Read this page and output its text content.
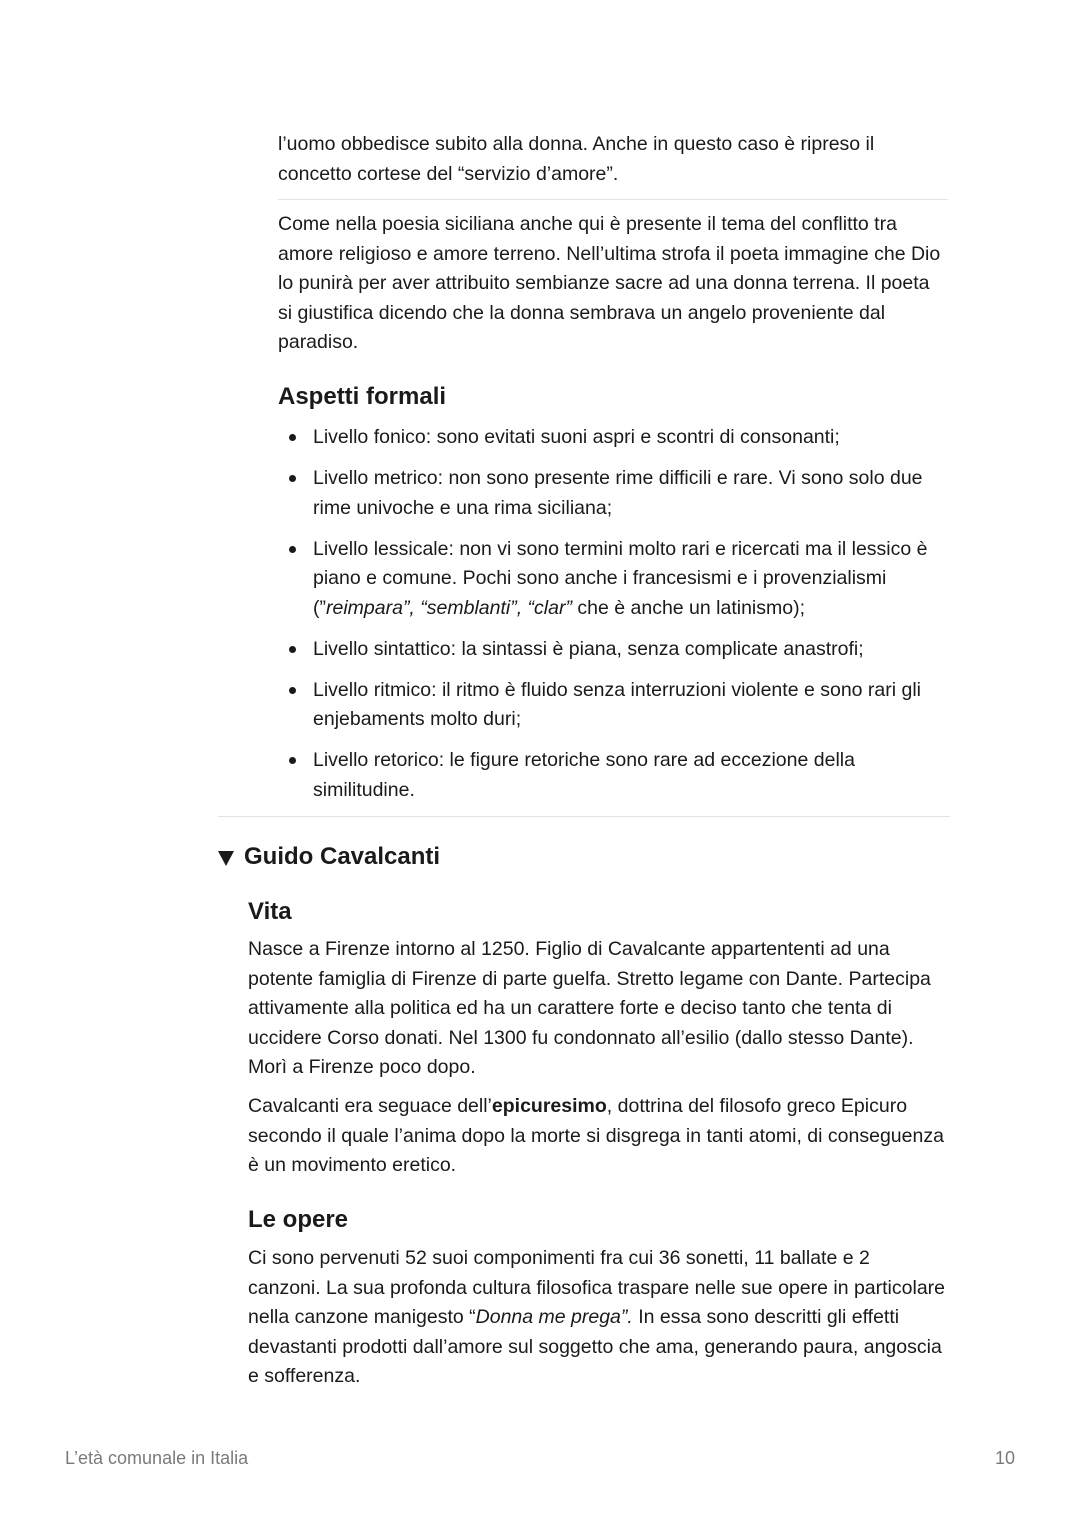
l’uomo obbedisce subito alla donna. Anche in questo caso è ripreso il
concetto cortese del “servizio d’amore”.

Come nella poesia siciliana anche qui è presente il tema del conflitto tra
amore religioso e amore terreno. Nell’ultima strofa il poeta immagine che Dio
lo punirà per aver attribuito sembianze sacre ad una donna terrena. Il poeta
si giustifica dicendo che la donna sembrava un angelo proveniente dal
paradiso.

Aspetti formali
Livello fonico: sono evitati suoni aspri e scontri di consonanti;
Livello metrico: non sono presente rime difficili e rare. Vi sono solo due
rime univoche e una rima siciliana;
Livello lessicale: non vi sono termini molto rari e ricercati ma il lessico è
piano e comune. Pochi sono anche i francesismi e i provenzialismi
(”reimpara”, “semblanti”, “clar” che è anche un latinismo);
Livello sintattico: la sintassi è piana, senza complicate anastrofi;
Livello ritmico: il ritmo è fluido senza interruzioni violente e sono rari gli
enjebaments molto duri;
Livello retorico: le figure retoriche sono rare ad eccezione della
similitudine.
Guido Cavalcanti
Vita

Nasce a Firenze intorno al 1250. Figlio di Cavalcante appartententi ad una
potente famiglia di Firenze di parte guelfa. Stretto legame con Dante. Partecipa
attivamente alla politica ed ha un carattere forte e deciso tanto che tenta di
uccidere Corso donati. Nel 1300 fu condonnato all’esilio (dallo stesso Dante).
Morì a Firenze poco dopo.

Cavalcanti era seguace dell’epicuresimo, dottrina del filosofo greco Epicuro
secondo il quale l’anima dopo la morte si disgrega in tanti atomi, di conseguenza
è un movimento eretico.

Le opere

Ci sono pervenuti 52 suoi componimenti fra cui 36 sonetti, 11 ballate e 2
canzoni. La sua profonda cultura filosofica traspare nelle sue opere in particolare
nella canzone manigesto “Donna me prega”. In essa sono descritti gli effetti
devastanti prodotti dall’amore sul soggetto che ama, generando paura, angoscia
e sofferenza.

L’età comunale in Italia	10
